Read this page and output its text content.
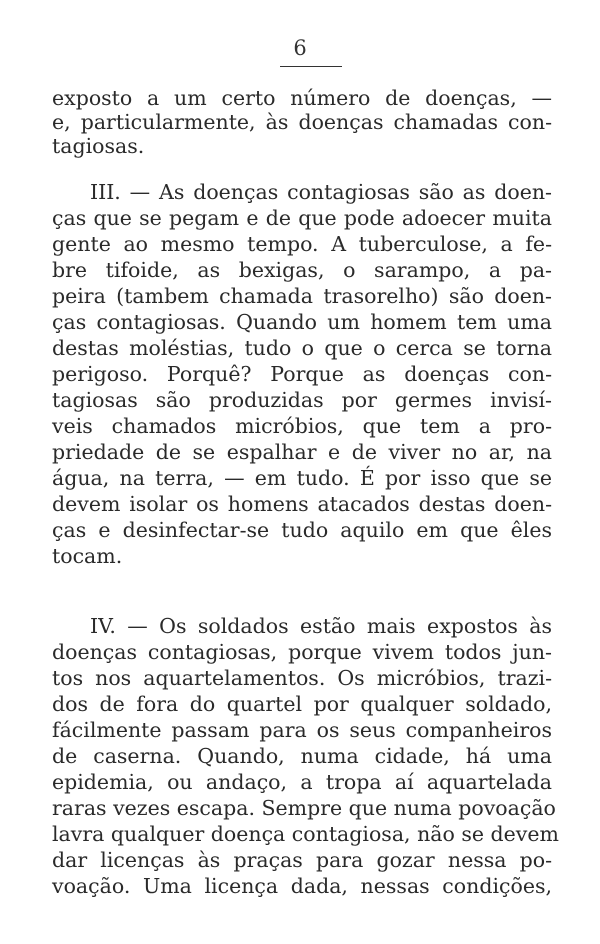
6
exposto a um certo número de doenças, —
e, particularmente, às doenças chamadas con-
tagiosas.
III. — As doenças contagiosas são as doen-
ças que se pegam e de que pode adoecer muita
gente ao mesmo tempo. A tuberculose, a fe-
bre tifoide, as bexigas, o sarampo, a pa-
peira (tambem chamada trasorelho) são doen-
ças contagiosas. Quando um homem tem uma
destas moléstias, tudo o que o cerca se torna
perigoso. Porquê? Porque as doenças con-
tagiosas são produzidas por germes invisí-
veis chamados micróbios, que tem a pro-
priedade de se espalhar e de viver no ar, na
água, na terra, — em tudo. É por isso que se
devem isolar os homens atacados destas doen-
ças e desinfectar-se tudo aquilo em que êles
tocam.
IV. — Os soldados estão mais expostos às
doenças contagiosas, porque vivem todos jun-
tos nos aquartelamentos. Os micróbios, trazi-
dos de fora do quartel por qualquer soldado,
fácilmente passam para os seus companheiros
de caserna. Quando, numa cidade, há uma
epidemia, ou andaço, a tropa aí aquartelada
raras vezes escapa. Sempre que numa povoação
lavra qualquer doença contagiosa, não se devem
dar licenças às praças para gozar nessa po-
voação. Uma licença dada, nessas condições,
